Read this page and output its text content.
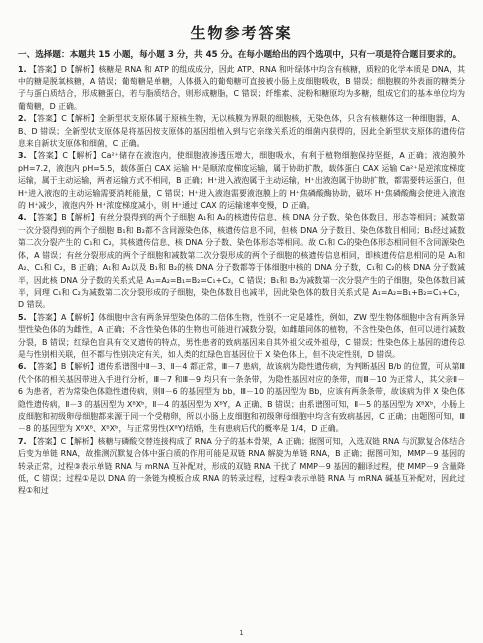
生物参考答案
一、选择题：本题共 15 小题，每小题 3 分，共 45 分。在每小题给出的四个选项中，只有一项是符合题目要求的。

1. 【答案】D【解析】核糖是 RNA 和 ATP 的组成成分，因此 ATP、RNA 和叶绿体中均含有核糖，质粒的化学本质是 DNA，其中的糖是脱氧核糖，A 错误；葡萄糖是单糖，人体摄入的葡萄糖可直接被小肠上皮细胞吸收，B 错误；细胞膜的外表面的糖类分子与蛋白质结合，形成糖蛋白，若与脂质结合，则形成糖脂，C 错误；纤维素、淀粉和糖原均为多糖，组成它们的基本单位均为葡萄糖，D 正确。

2. 【答案】C【解析】全新型状支原体属于原核生物，无以核膜为界限的细胞核，无染色体，只含有核糖体这一种细胞器，A、B、D 错误；全新型状支原体是将基因按支原体的基因组植入到与它亲缘关系近的细菌内获得的，因此全新型状支原体的遗传信息来自新状支原体和细菌，C 正确。

3. 【答案】C【解析】Ca²⁺储存在液泡内，使细胞液渗透压增大，细胞吸水，有利于植物细胞保持坚挺，A 正确；液泡膜外 pH=7.2，液泡内 pH=5.5，载体蛋白 CAX 运输 H⁺是顺浓度梯度运输，属于协助扩散，载体蛋白 CAX 运输 Ca²⁺是逆浓度梯度运输，属于主动运输，两者运输方式不相同，B 正确；H⁺进入液泡属于主动运输，H⁺出液泡属于协助扩散，都需要转运蛋白，但 H⁺进入液泡的主动运输需要消耗能量，C 错误；H⁺进入液泡需要液泡膜上的 H⁺焦磷酸酶协助，破坏 H⁺焦磷酸酶会使进入液泡的 H⁺减少，液泡内外 H⁺浓度梯度减小，则 H⁺通过 CAX 的运输速率变慢，D 正确。

4. 【答案】B【解析】有丝分裂得到的两个子细胞 A₁和 A₂的核遗传信息、核 DNA 分子数、染色体数目、形态等相同；减数第一次分裂得到的两个子细胞 B₁和 B₂都不含同源染色体，核遗传信息不同，但核 DNA 分子数目、染色体数目相同；B₁经过减数第二次分裂产生的 C₁和 C₂，其核遗传信息、核 DNA 分子数、染色体形态等相同。故 C₁和 C₂的染色体形态相同但不含同源染色体，A 错误；有丝分裂形成的两个子细胞和减数第二次分裂形成的两个子细胞的核遗传信息相同，即核遗传信息相同的是 A₁和 A₂、C₁和 C₂，B 正确；A₁和 A₂以及 B₁和 B₂的核 DNA 分子数都等于体细胞中核的 DNA 分子数，C₁和 C₂的核 DNA 分子数减半，因此核 DNA 分子数的关系式是 A₁=A₂=B₁=B₂=C₁+C₂，C 错误；B₁和 B₂为减数第一次分裂产生的子细胞，染色体数目减半，同理 C₁和 C₂为减数第二次分裂形成的子细胞，染色体数目也减半，因此染色体的数目关系式是 A₁=A₂=B₁+B₂=C₁+C₂，D 错误。

5. 【答案】A【解析】体细胞中含有两条异型染色体的二倍体生物，性别不一定是雄性，例如，ZW 型生物体细胞中含有两条异型性染色体的为雌性，A 正确；不含性染色体的生物也可能进行减数分裂，如雌雄同体的植物，不含性染色体，但可以进行减数分裂，B 错误；红绿色盲具有交叉遗传的特点，男性患者的致病基因来自其外祖父或外祖母，C 错误；性染色体上基因的遗传总是与性别相关联，但不都与性别决定有关，如人类的红绿色盲基因位于 X 染色体上，但不决定性别，D 错误。

6. 【答案】B【解析】遗传系谱图中Ⅱ－3、Ⅱ－4 都正常，Ⅲ－7 患病，故该病为隐性遗传病，为判断基因 B/b 的位置，可从第Ⅲ代个体的相关基因带进入手进行分析，Ⅲ－7 和Ⅲ－9 均只有一条条带，为隐性基因对应的条带，而Ⅲ－10 为正常人，其父亲Ⅱ－6 为患者，若为常染色体隐性遗传病，则Ⅱ－6 的基因型为 bb，Ⅲ－10 的基因型为 Bb，应该有两条条带，故该病为伴 X 染色体隐性遗传病，Ⅱ－3 的基因型为 XᴮXᵇ，Ⅱ－4 的基因型为 XᴮY，A 正确、B 错误；由系谱图可知，Ⅱ－5 的基因型为 XᴮXᵇ，小肠上皮细胞和初级卵母细胞都来源于同一个受精卵，所以小肠上皮细胞和初级卵母细胞中均含有致病基因，C 正确；由题图可知，Ⅲ－8 的基因型为 XᴮXᴮ、XᴮXᵇ，与正常男性(XᴮY)结婚，生有患病后代的概率是 1/4，D 正确。

7. 【答案】C【解析】核糖与磷酸交替连接构成了 RNA 分子的基本骨架，A 正确；据图可知，入选双链 RNA 与沉默复合体结合后变为单链 RNA，故推测沉默复合体中蛋白质的作用可能是双链 RNA 解旋为单链 RNA，B 正确；据图可知，MMP－9 基因的转录正常，过程③表示单链 RNA 与 mRNA 互补配对，形成的双链 RNA 干扰了 MMP－9 基因的翻译过程，使 MMP－9 含量降低，C 错误；过程①是以 DNA 的一条链为模板合成 RNA 的转录过程，过程③表示单链 RNA 与 mRNA 碱基互补配对，因此过程①和过

1
